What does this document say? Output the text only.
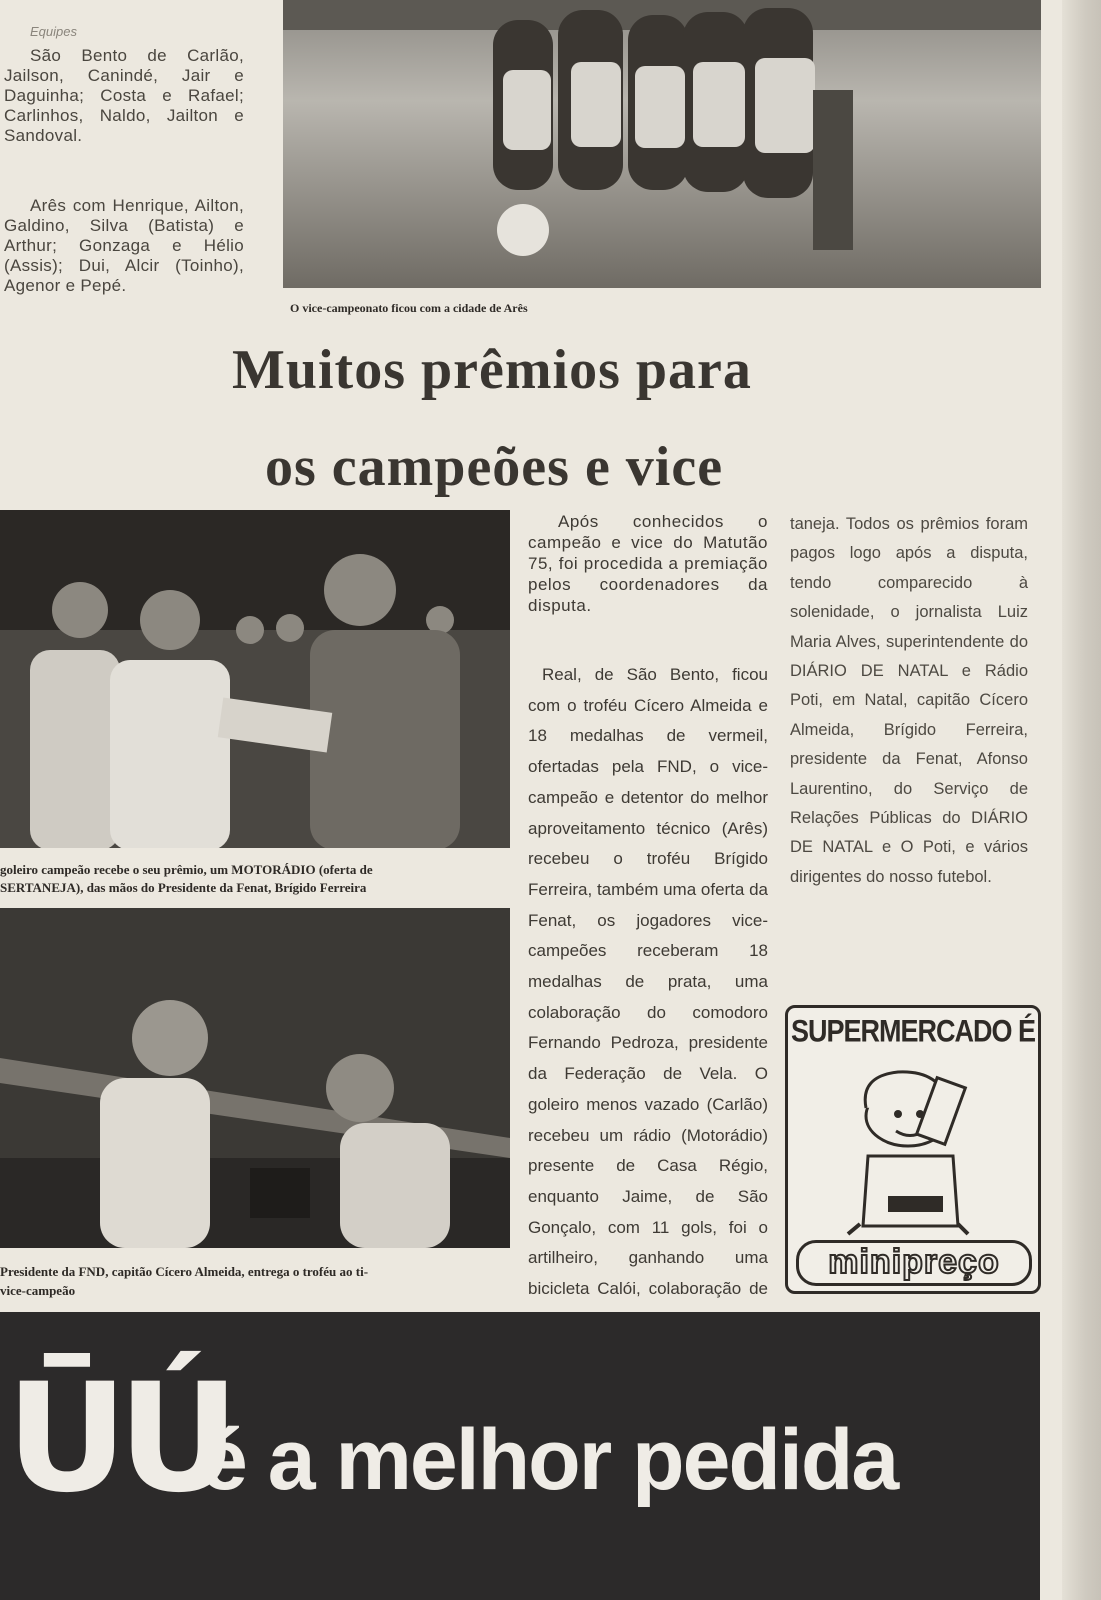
Equipes

São Bento de Carlão, Jailson, Canindé, Jair e Daguinha; Costa e Rafael; Carlinhos, Naldo, Jailton e Sandoval.

Arês com Henrique, Ailton, Galdino, Silva (Batista) e Arthur; Gonzaga e Hélio (Assis); Dui, Alcir (Toinho), Agenor e Pepé.

O vice-campeonato ficou com a cidade de Arês
Muitos prêmios para
os campeões e vice
goleiro campeão recebe o seu prêmio, um MOTORÁDIO (oferta de
SERTANEJA), das mãos do Presidente da Fenat, Brígido Ferreira
Presidente da FND, capitão Cícero Almeida, entrega o troféu ao ti-
vice-campeão

Após conhecidos o campeão e vice do Matutão 75, foi procedida a premiação pelos coordenadores da disputa.

Real, de São Bento, ficou com o troféu Cícero Almeida e 18 medalhas de vermeil, ofertadas pela FND, o vice-campeão e detentor do melhor aproveitamento técnico (Arês) recebeu o troféu Brígido Ferreira, também uma oferta da Fenat, os jogadores vice-campeões receberam 18 medalhas de prata, uma colaboração do comodoro Fernando Pedroza, presidente da Federação de Vela. O goleiro menos vazado (Carlão) recebeu um rádio (Motorádio) presente de Casa Régio, enquanto Jaime, de São Gonçalo, com 11 gols, foi o artilheiro, ganhando uma bicicleta Calói, colaboração de

taneja. Todos os prêmios foram pagos logo após a disputa, tendo comparecido à solenidade, o jornalista Luiz Maria Alves, superintendente do DIÁRIO DE NATAL e Rádio Poti, em Natal, capitão Cícero Almeida, Brígido Ferreira, presidente da Fenat, Afonso Laurentino, do Serviço de Relações Públicas do DIÁRIO DE NATAL e O Poti, e vários dirigentes do nosso futebol.

SUPERMERCADO É
minipreço
ŪÚ
é a melhor pedida
